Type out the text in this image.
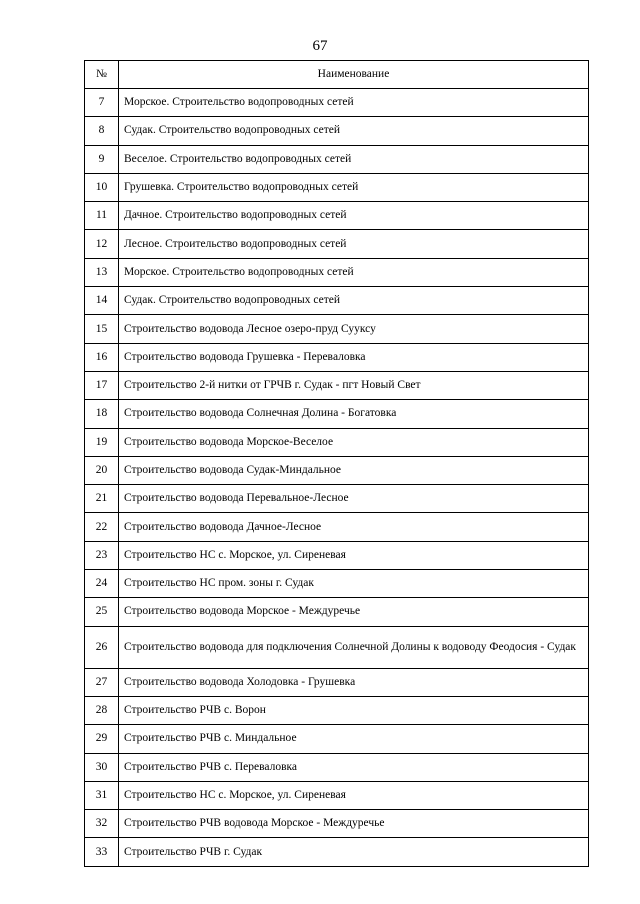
67
№	Наименование
7	Морское. Строительство водопроводных сетей
8	Судак. Строительство водопроводных сетей
9	Веселое. Строительство водопроводных сетей
10	Грушевка. Строительство водопроводных сетей
11	Дачное. Строительство водопроводных сетей
12	Лесное. Строительство водопроводных сетей
13	Морское. Строительство водопроводных сетей
14	Судак. Строительство водопроводных сетей
15	Строительство водовода Лесное озеро-пруд Сууксу
16	Строительство водовода Грушевка - Перевaловка
17	Строительство 2-й нитки от ГРЧВ г. Судак - пгт Новый Свет
18	Строительство водовода Солнечная Долина - Богатовка
19	Строительство водовода Морское-Веселое
20	Строительство водовода Судак-Миндальное
21	Строительство водовода Перевальное-Лесное
22	Строительство водовода Дачное-Лесное
23	Строительство НС с. Морское, ул. Сиреневая
24	Строительство НС пром. зоны г. Судак
25	Строительство водовода Морское - Междуречье
26	Строительство водовода для подключения Солнечной Долины к водоводу Феодосия - Судак
27	Строительство водовода Холодовка - Грушевка
28	Строительство РЧВ с. Ворон
29	Строительство РЧВ с. Миндальное
30	Строительство РЧВ с. Переваловка
31	Строительство НС с. Морское, ул. Сиреневая
32	Строительство РЧВ водовода Морское - Междуречье
33	Строительство РЧВ г. Судак
